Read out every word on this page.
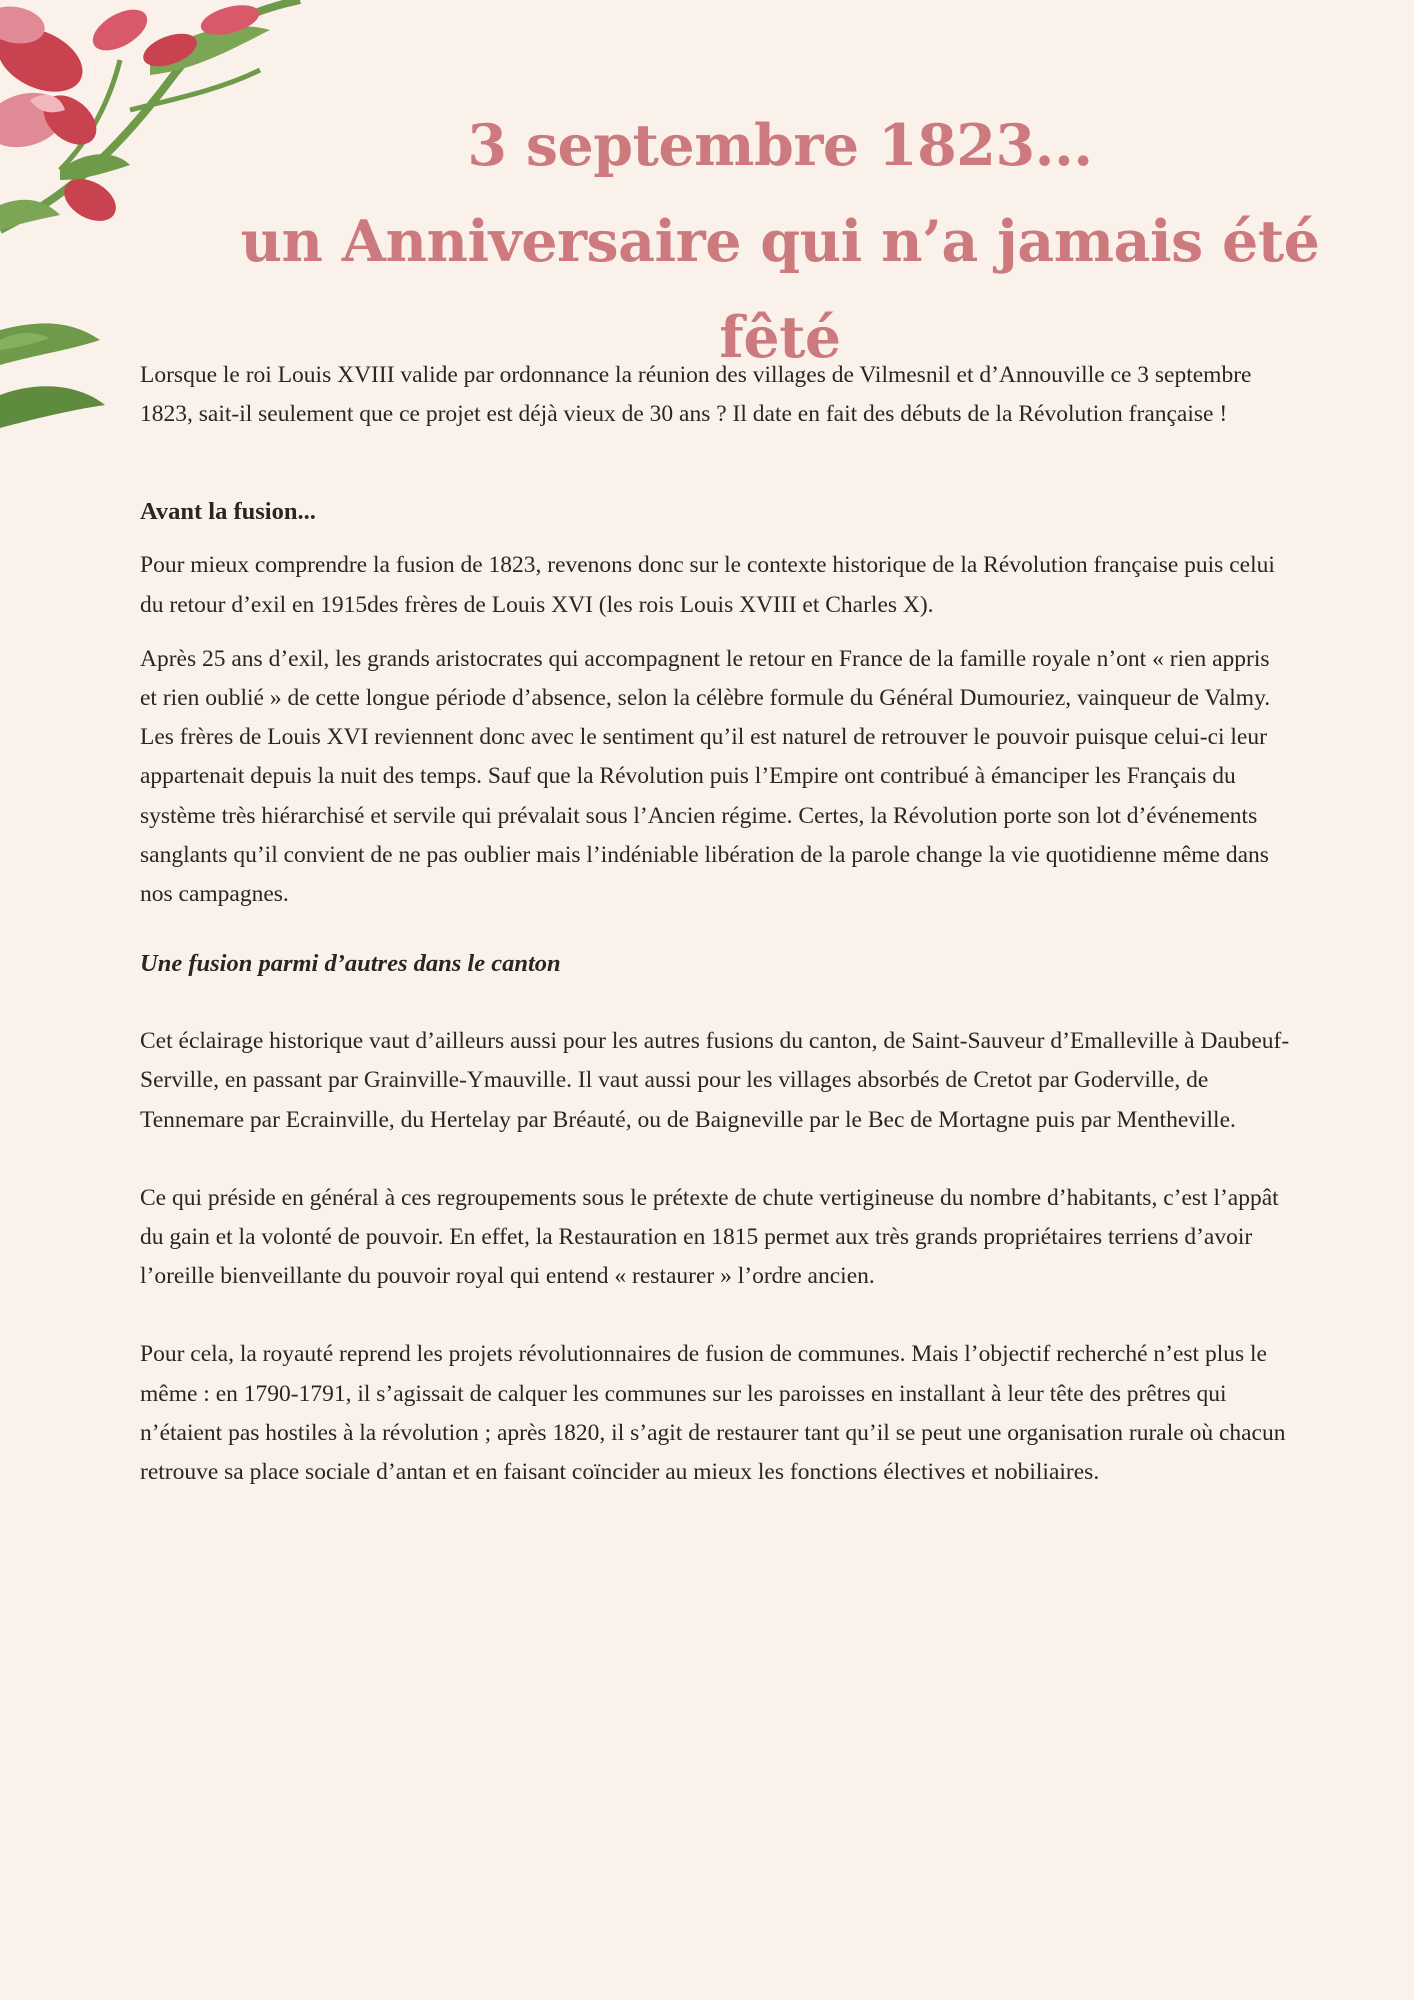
3 septembre 1823...
un Anniversaire qui n’a jamais été fêté

Lorsque le roi Louis XVIII valide par ordonnance la réunion des villages de Vilmesnil et d’Annouville ce 3 septembre 1823, sait-il seulement que ce projet est déjà vieux de 30 ans ? Il date en fait des débuts de la Révolution française !

Avant la fusion...

Pour mieux comprendre la fusion de 1823, revenons donc sur le contexte historique de la Révolution française puis celui du retour d’exil en 1915des frères de Louis XVI (les rois Louis XVIII et Charles X).

Après 25 ans d’exil, les grands aristocrates qui accompagnent le retour en France de la famille royale n’ont « rien appris et rien oublié » de cette longue période d’absence, selon la célèbre formule du Général Dumouriez, vainqueur de Valmy. Les frères de Louis XVI reviennent donc avec le sentiment qu’il est naturel de retrouver le pouvoir puisque celui-ci leur appartenait depuis la nuit des temps. Sauf que la Révolution puis l’Empire ont contribué à émanciper les Français du système très hiérarchisé et servile qui prévalait sous l’Ancien régime. Certes, la Révolution porte son lot d’événements sanglants qu’il convient de ne pas oublier mais l’indéniable libération de la parole change la vie quotidienne même dans nos campagnes.

Une fusion parmi d’autres dans le canton

Cet éclairage historique vaut d’ailleurs aussi pour les autres fusions du canton, de Saint-Sauveur d’Emalleville à Daubeuf-Serville, en passant par Grainville-Ymauville. Il vaut aussi pour les villages absorbés de Cretot par Goderville, de Tennemare par Ecrainville, du Hertelay par Bréauté, ou de Baigneville par le Bec de Mortagne puis par Mentheville.

Ce qui préside en général à ces regroupements sous le prétexte de chute vertigineuse du nombre d’habitants, c’est l’appât du gain et la volonté de pouvoir. En effet, la Restauration en 1815 permet aux très grands propriétaires terriens d’avoir l’oreille bienveillante du pouvoir royal qui entend « restaurer » l’ordre ancien.

Pour cela, la royauté reprend les projets révolutionnaires de fusion de communes. Mais l’objectif recherché n’est plus le même : en 1790-1791, il s’agissait de calquer les communes sur les paroisses en installant à leur tête des prêtres qui n’étaient pas hostiles à la révolution ; après 1820, il s’agit de restaurer tant qu’il se peut une organisation rurale où chacun retrouve sa place sociale d’antan et en faisant coïncider au mieux les fonctions électives et nobiliaires.
